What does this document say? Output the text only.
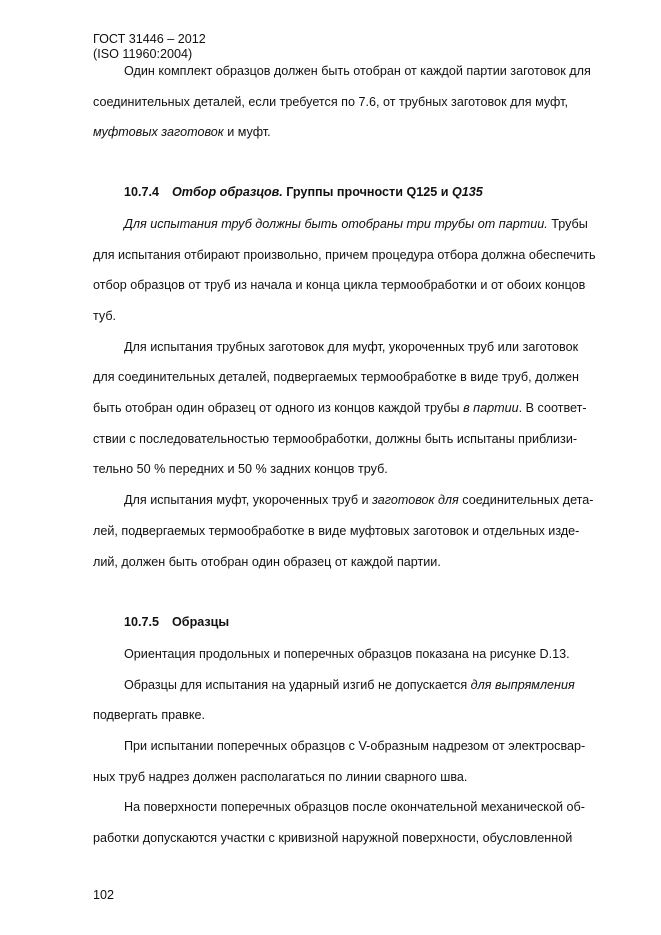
ГОСТ 31446 – 2012
(ISO 11960:2004)
Один комплект образцов должен быть отобран от каждой партии заготовок для
соединительных деталей, если требуется по 7.6, от трубных заготовок для муфт,
муфтовых заготовок и муфт.
10.7.4 Отбор образцов. Группы прочности Q125 и Q135
Для испытания труб должны быть отобраны три трубы от партии. Трубы
для испытания отбирают произвольно, причем процедура отбора должна обеспечить
отбор образцов от труб из начала и конца цикла термообработки и от обоих концов
туб.
Для испытания трубных заготовок для муфт, укороченных труб или заготовок
для соединительных деталей, подвергаемых термообработке в виде труб, должен
быть отобран один образец от одного из концов каждой трубы в партии. В соответ-
ствии с последовательностью термообработки, должны быть испытаны приблизи-
тельно 50 % передних и 50 % задних концов труб.
Для испытания муфт, укороченных труб и заготовок для соединительных дета-
лей, подвергаемых термообработке в виде муфтовых заготовок и отдельных изде-
лий, должен быть отобран один образец от каждой партии.
10.7.5 Образцы
Ориентация продольных и поперечных образцов показана на рисунке D.13.
Образцы для испытания на ударный изгиб не допускается для выпрямления
подвергать правке.
При испытании поперечных образцов с V-образным надрезом от электросвар-
ных труб надрез должен располагаться по линии сварного шва.
На поверхности поперечных образцов после окончательной механической об-
работки допускаются участки с кривизной наружной поверхности, обусловленной
102
